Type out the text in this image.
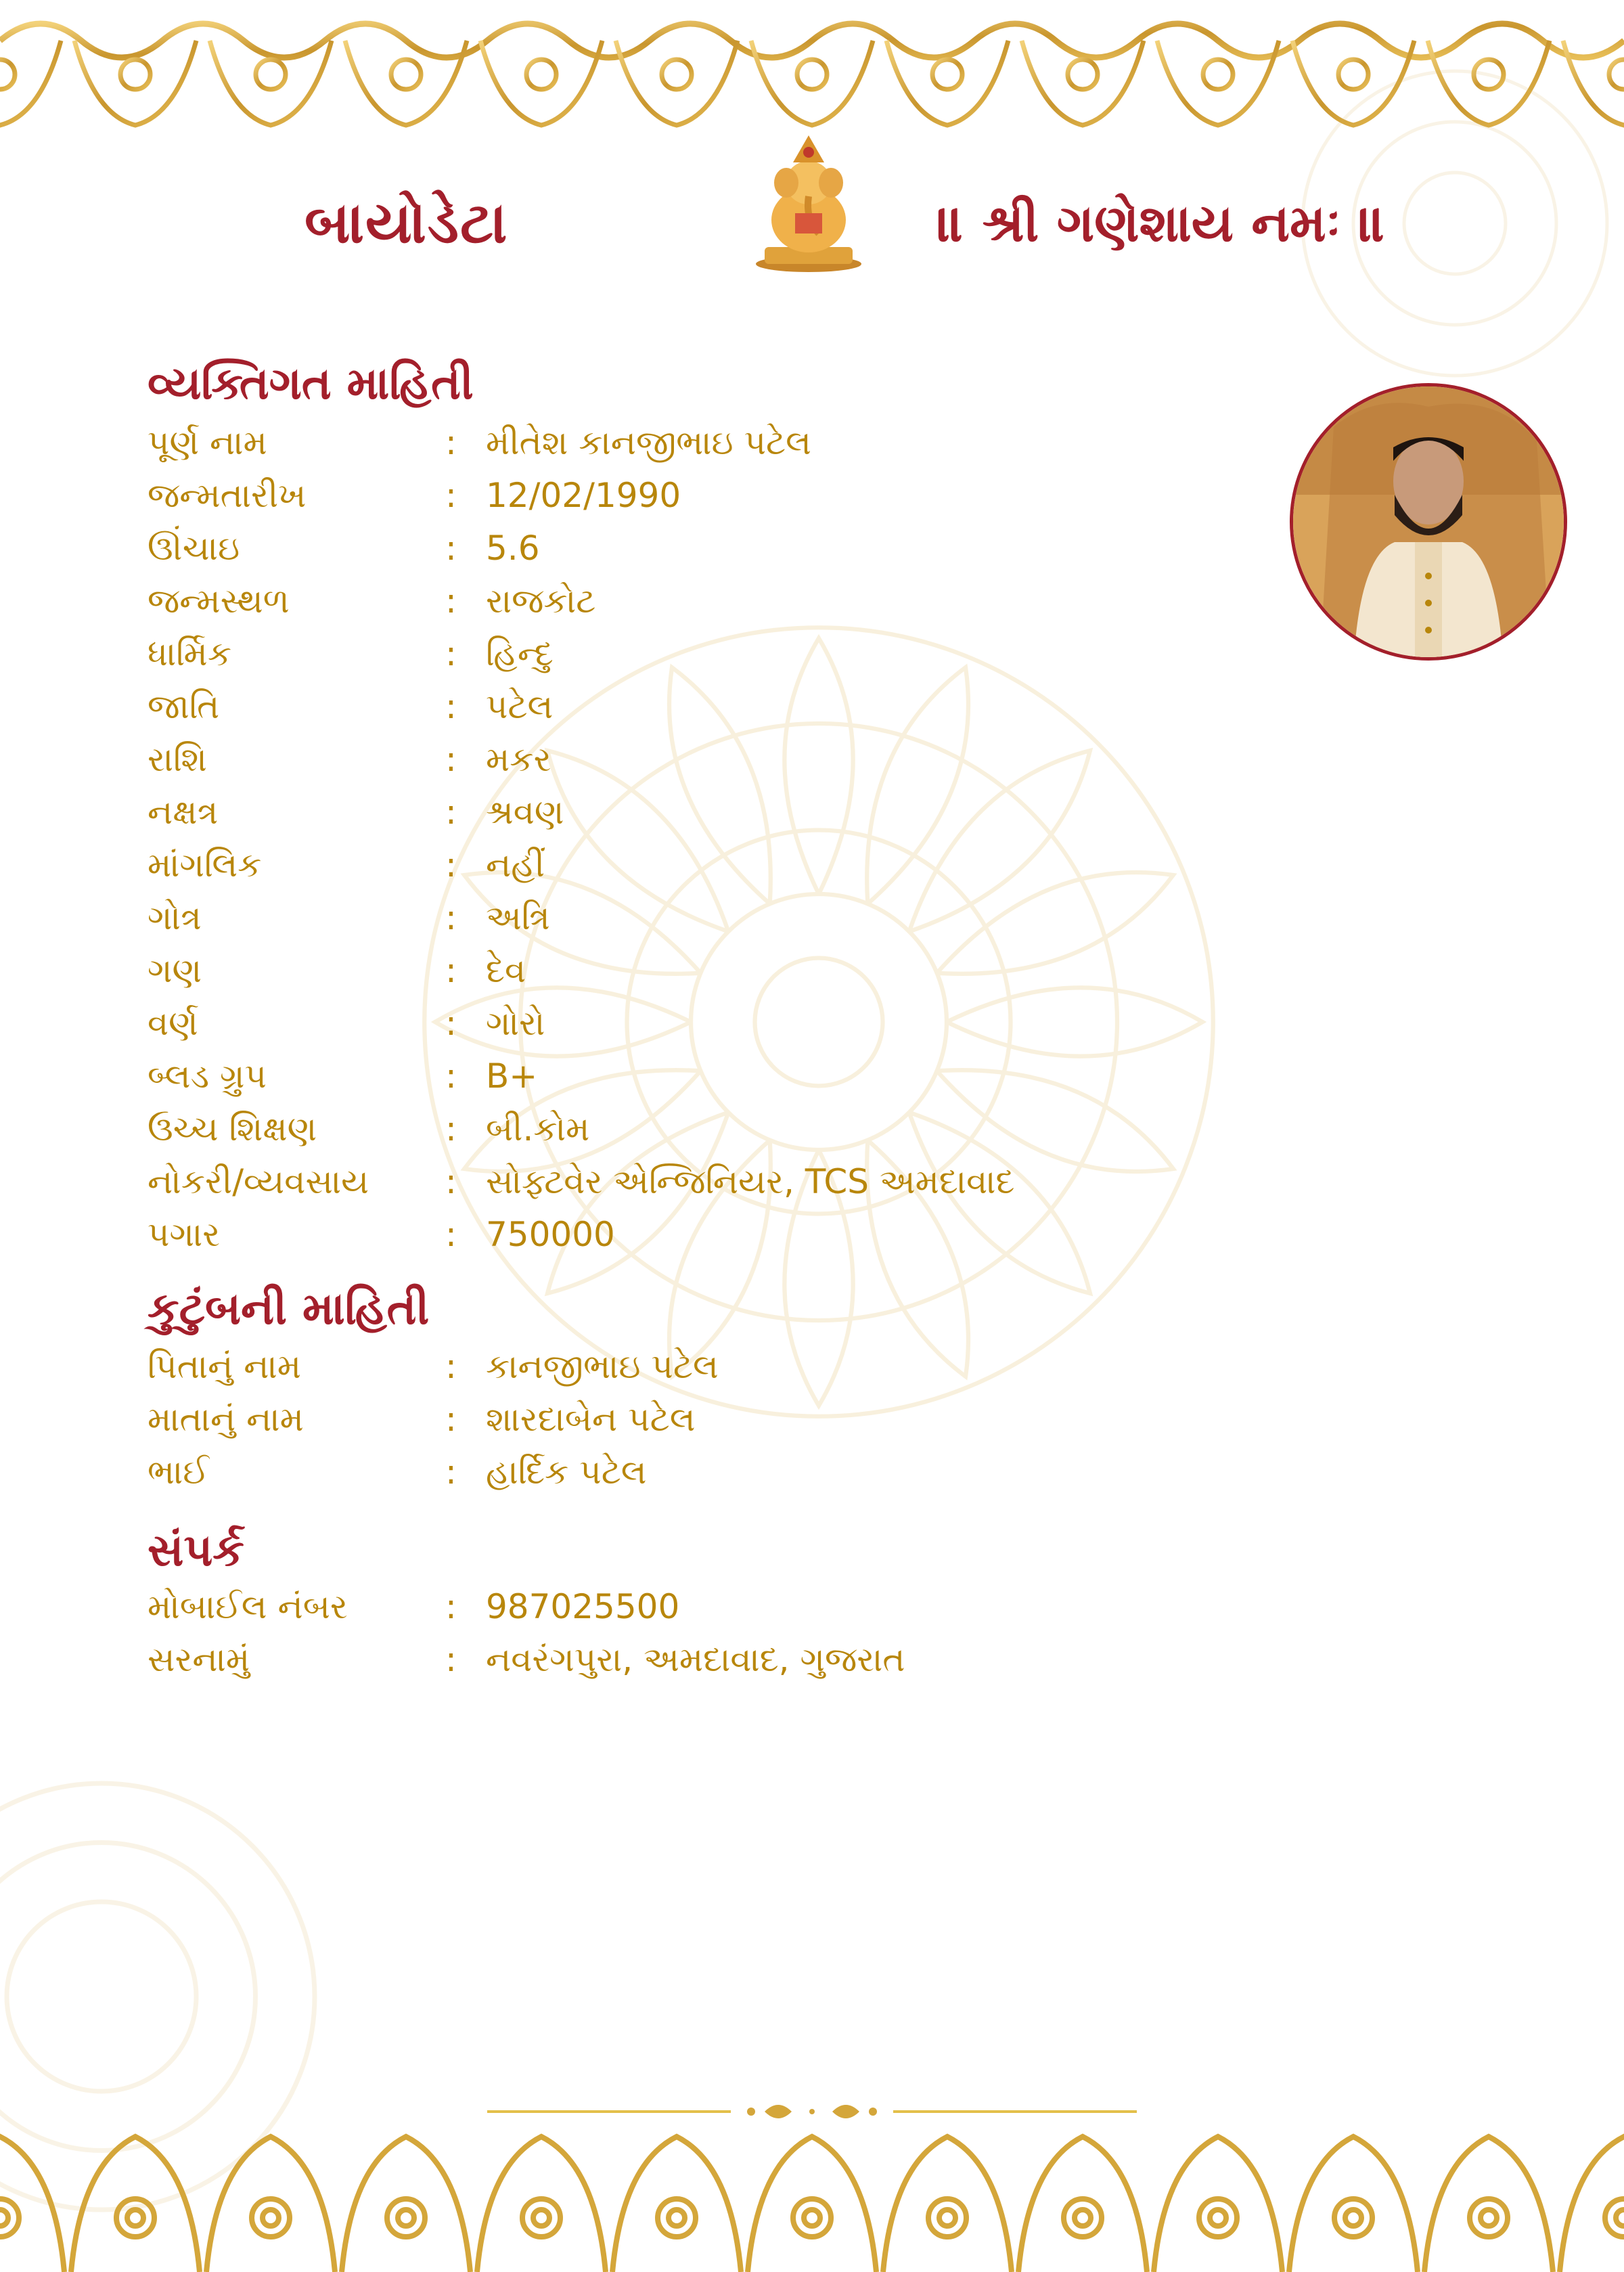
બાયોડેટા	॥ શ્રી ગણેશાય નમઃ ॥
વ્યક્તિગત માહિતી
પૂર્ણ નામ	: મીતેશ કાનજીભાઇ પટેલ
જન્મતારીખ	: 12/02/1990
ઊંચાઇ	: 5.6
જન્મસ્થળ	: રાજકોટ
ધાર્મિક	: હિન્દુ
જાતિ	: પટેલ
રાશિ	: મકર
નક્ષત્ર	: શ્રવણ
માંગલિક	: નહીં
ગોત્ર	: અત્રિ
ગણ	: દેવ
વર્ણ	: ગોરો
બ્લડ ગ્રુપ	: B+
ઉચ્ચ શિક્ષણ	: બી.કોમ
નોકરી/વ્યવસાય : સોફ્ટવેર એન્જિનિયર, TCS અમદાવાદ
પગાર	: 750000
કુટુંબની માહિતી
પિતાનું નામ	: કાનજીભાઇ પટેલ
માતાનું નામ	: શારદાબેન પટેલ
ભાઈ	: હાર્દિક પટેલ
સંપર્ક
મોબાઈલ નંબર	: 987025500
સરનામું	: નવરંગપુરા, અમદાવાદ, ગુજરાત
